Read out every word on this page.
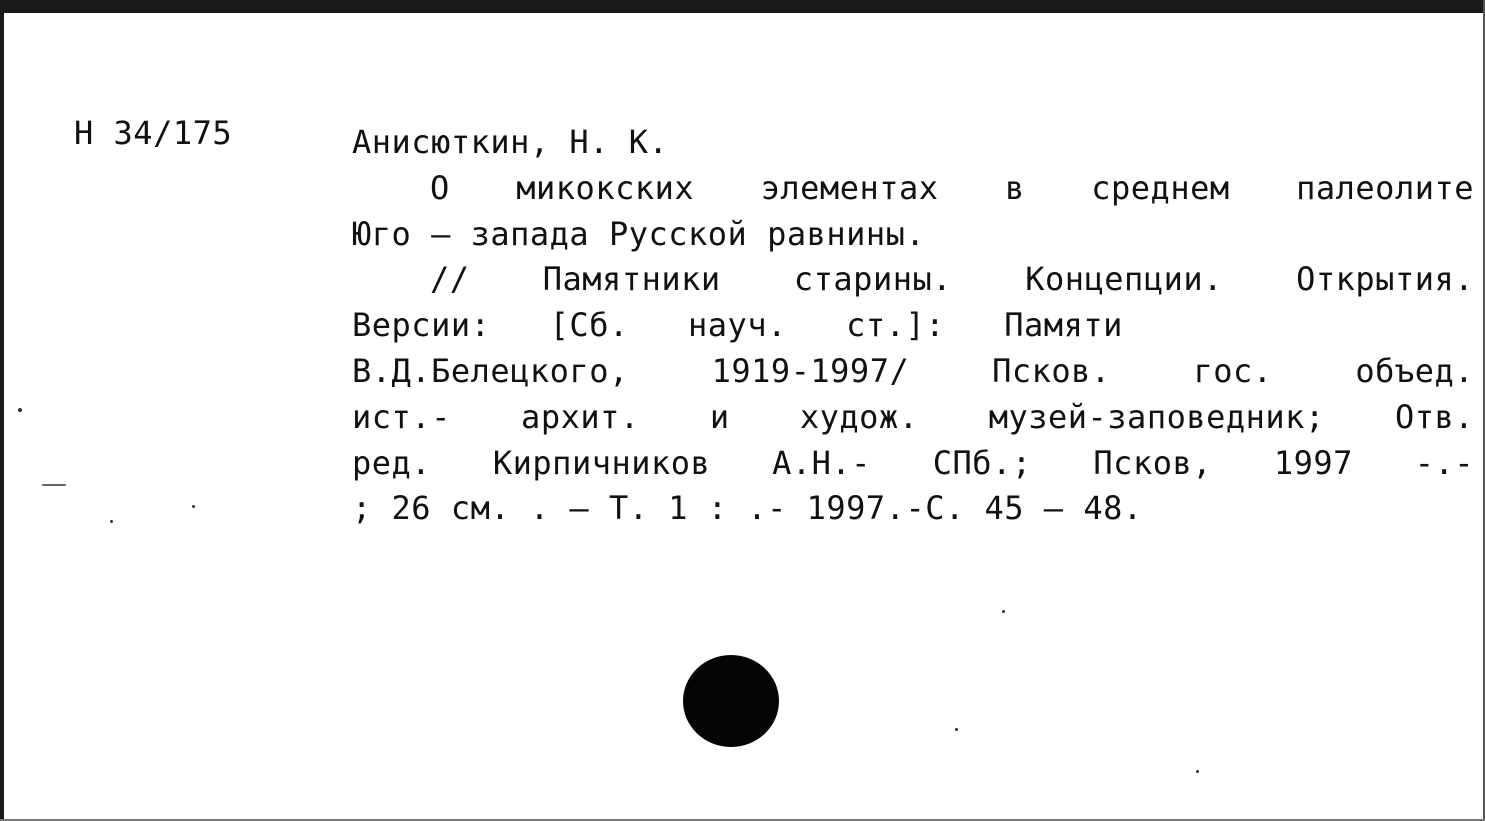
Н 34/175	Анисюткин, Н. К.
О микокских элементах в среднем палеолите
Юго – запада Русской равнины.
// Памятники старины. Концепции. Открытия.
Версии:   [Сб.   науч.   ст.]:   Памяти
В.Д.Белецкого, 1919-1997/ Псков. гос. объед.
ист.- архит. и худож. музей-заповедник; Отв.
ред. Кирпичников А.Н.- СПб.; Псков, 1997 -.-
; 26 см. . – Т. 1 : .- 1997.-С. 45 – 48.
